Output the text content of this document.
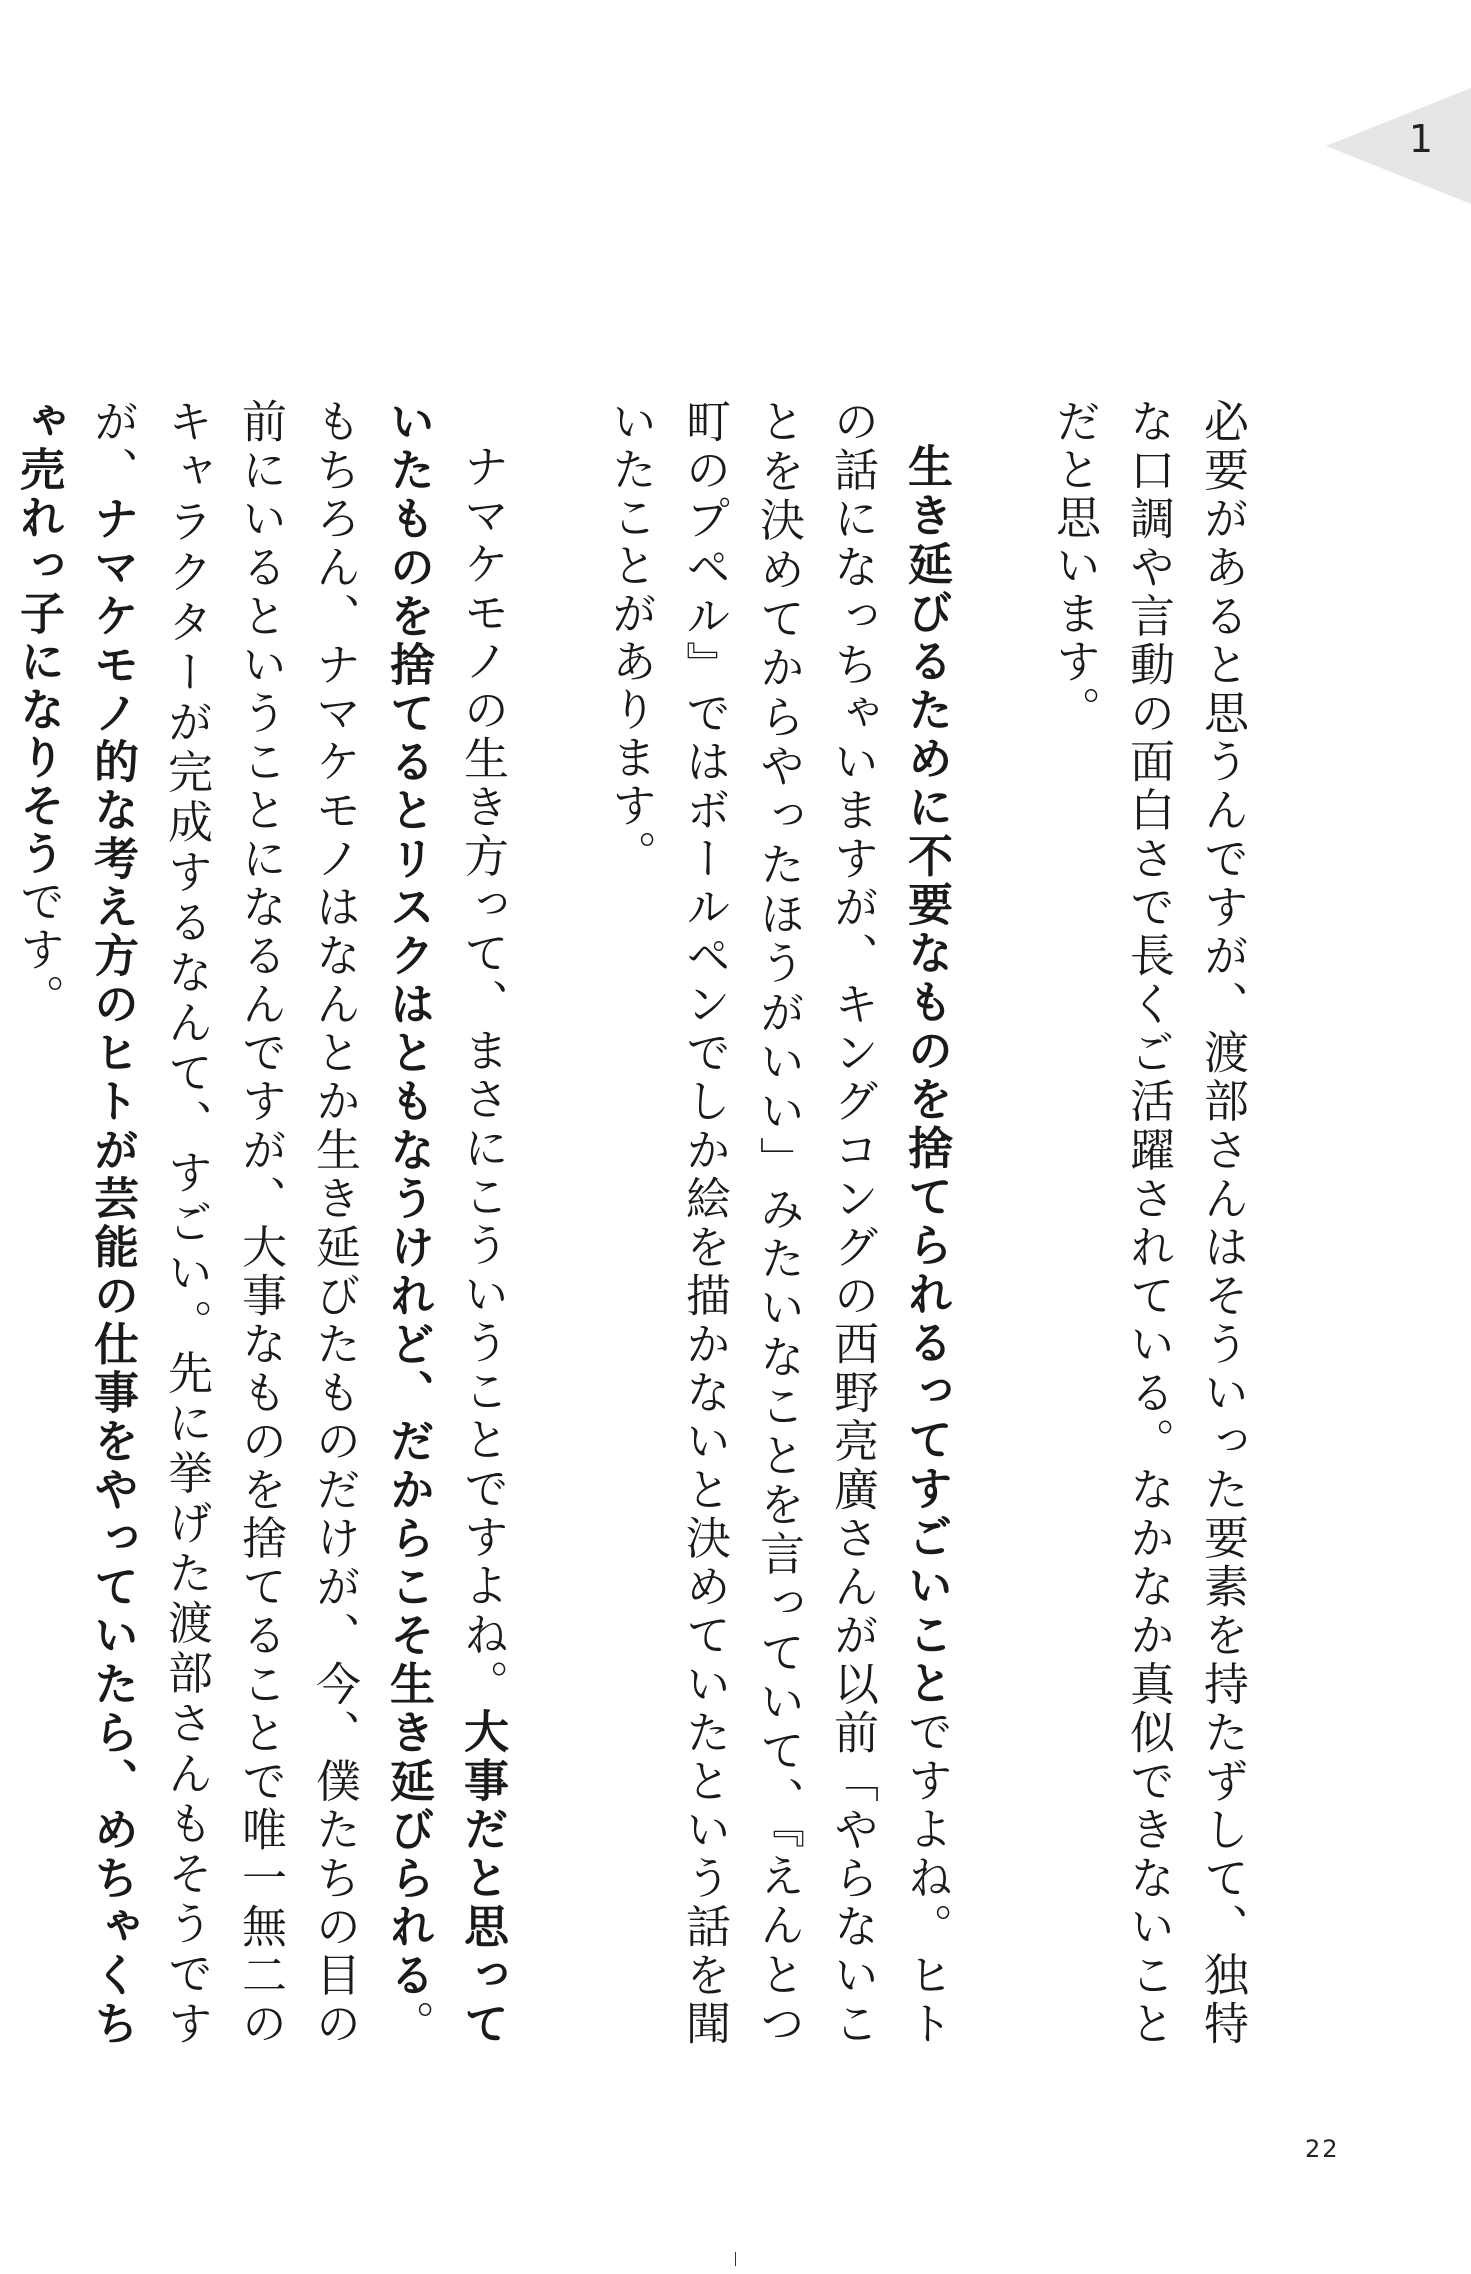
1

必要があると思うんですが、渡部さんはそういった要素を持たずして、独特な口調や言動の面白さで長くご活躍されている。なかなか真似できないことだと思います。

生き延びるために不要なものを捨てられるってすごいことですよね。ヒトの話になっちゃいますが、キングコングの西野亮廣さんが以前「やらないことを決めてからやったほうがいい」みたいなことを言っていて、『えんとつ町のプペル』ではボールペンでしか絵を描かないと決めていたという話を聞いたことがあります。

ナマケモノの生き方って、まさにこういうことですよね。大事だと思っていたものを捨てるとリスクはともなうけれど、だからこそ生き延びられる。もちろん、ナマケモノはなんとか生き延びたものだけが、今、僕たちの目の前にいるということになるんですが、大事なものを捨てることで唯一無二のキャラクターが完成するなんて、すごい。先に挙げた渡部さんもそうですが、ナマケモノ的な考え方のヒトが芸能の仕事をやっていたら、めちゃくちゃ売れっ子になりそうです。

22
